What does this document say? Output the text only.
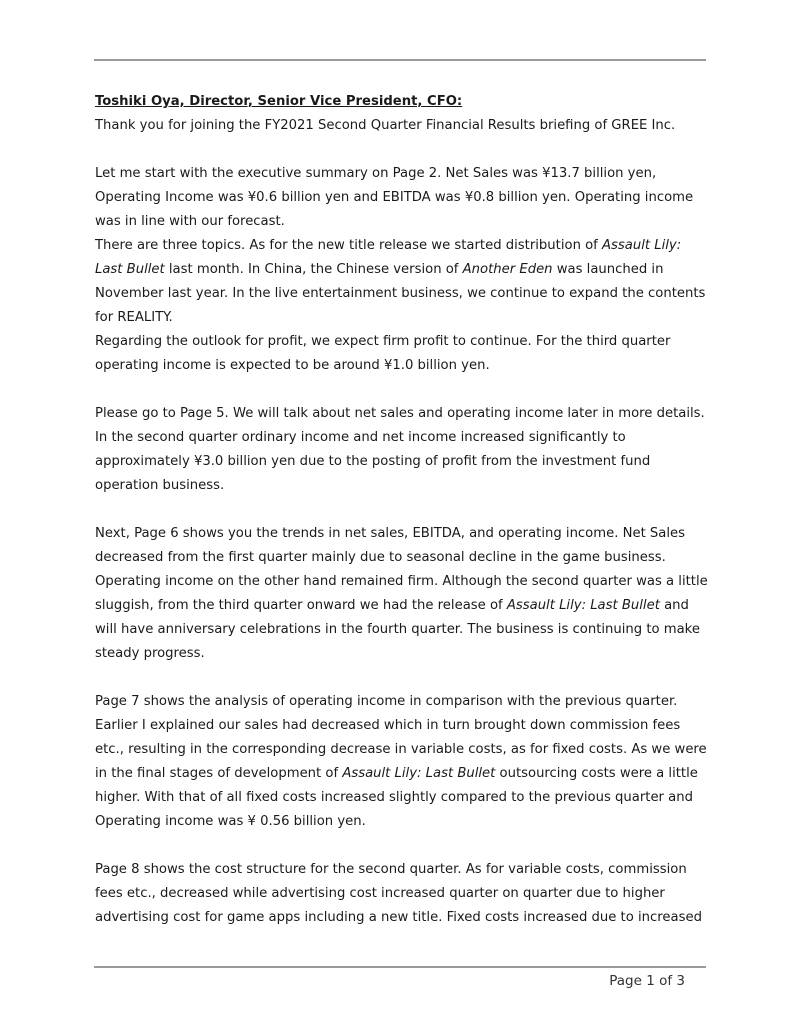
Toshiki Oya, Director, Senior Vice President, CFO:
Thank you for joining the FY2021 Second Quarter Financial Results briefing of GREE Inc.
Let me start with the executive summary on Page 2. Net Sales was ¥13.7 billion yen,
Operating Income was ¥0.6 billion yen and EBITDA was ¥0.8 billion yen. Operating income
was in line with our forecast.
There are three topics. As for the new title release we started distribution of Assault Lily:
Last Bullet last month. In China, the Chinese version of Another Eden was launched in
November last year. In the live entertainment business, we continue to expand the contents
for REALITY.
Regarding the outlook for profit, we expect firm profit to continue. For the third quarter
operating income is expected to be around ¥1.0 billion yen.
Please go to Page 5. We will talk about net sales and operating income later in more details.
In the second quarter ordinary income and net income increased significantly to
approximately ¥3.0 billion yen due to the posting of profit from the investment fund
operation business.
Next, Page 6 shows you the trends in net sales, EBITDA, and operating income. Net Sales
decreased from the first quarter mainly due to seasonal decline in the game business.
Operating income on the other hand remained firm. Although the second quarter was a little
sluggish, from the third quarter onward we had the release of Assault Lily: Last Bullet and
will have anniversary celebrations in the fourth quarter. The business is continuing to make
steady progress.
Page 7 shows the analysis of operating income in comparison with the previous quarter.
Earlier I explained our sales had decreased which in turn brought down commission fees
etc., resulting in the corresponding decrease in variable costs, as for fixed costs. As we were
in the final stages of development of Assault Lily: Last Bullet outsourcing costs were a little
higher. With that of all fixed costs increased slightly compared to the previous quarter and
Operating income was ¥ 0.56 billion yen.
Page 8 shows the cost structure for the second quarter. As for variable costs, commission
fees etc., decreased while advertising cost increased quarter on quarter due to higher
advertising cost for game apps including a new title. Fixed costs increased due to increased
Page 1 of 3
